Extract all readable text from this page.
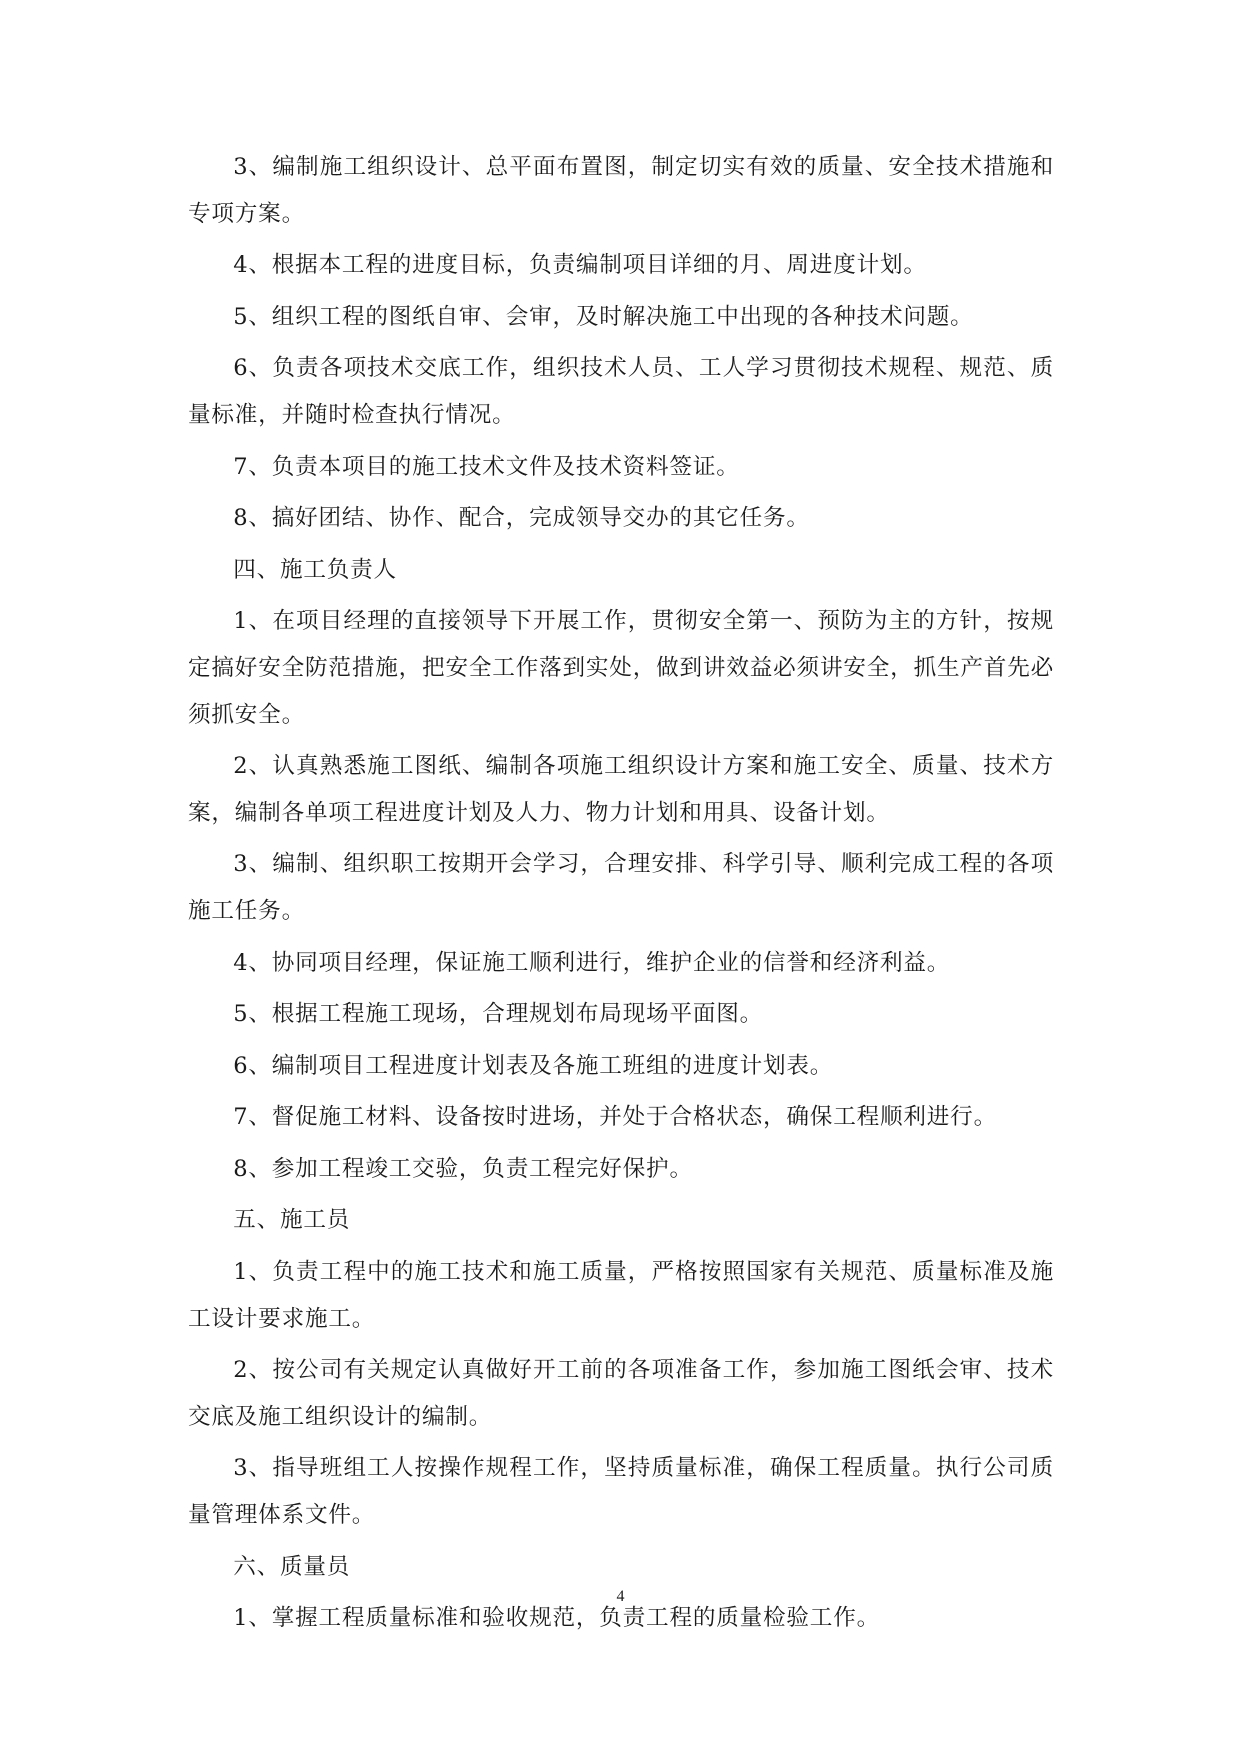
3、编制施工组织设计、总平面布置图，制定切实有效的质量、安全技术措施和专项方案。

4、根据本工程的进度目标，负责编制项目详细的月、周进度计划。

5、组织工程的图纸自审、会审，及时解决施工中出现的各种技术问题。

6、负责各项技术交底工作，组织技术人员、工人学习贯彻技术规程、规范、质量标准，并随时检查执行情况。

7、负责本项目的施工技术文件及技术资料签证。

8、搞好团结、协作、配合，完成领导交办的其它任务。

四、施工负责人

1、在项目经理的直接领导下开展工作，贯彻安全第一、预防为主的方针，按规定搞好安全防范措施，把安全工作落到实处，做到讲效益必须讲安全，抓生产首先必须抓安全。

2、认真熟悉施工图纸、编制各项施工组织设计方案和施工安全、质量、技术方案，编制各单项工程进度计划及人力、物力计划和用具、设备计划。

3、编制、组织职工按期开会学习，合理安排、科学引导、顺利完成工程的各项施工任务。

4、协同项目经理，保证施工顺利进行，维护企业的信誉和经济利益。

5、根据工程施工现场，合理规划布局现场平面图。

6、编制项目工程进度计划表及各施工班组的进度计划表。

7、督促施工材料、设备按时进场，并处于合格状态，确保工程顺利进行。

8、参加工程竣工交验，负责工程完好保护。

五、施工员

1、负责工程中的施工技术和施工质量，严格按照国家有关规范、质量标准及施工设计要求施工。

2、按公司有关规定认真做好开工前的各项准备工作，参加施工图纸会审、技术交底及施工组织设计的编制。

3、指导班组工人按操作规程工作，坚持质量标准，确保工程质量。执行公司质量管理体系文件。

六、质量员

1、掌握工程质量标准和验收规范，负责工程的质量检验工作。

4
